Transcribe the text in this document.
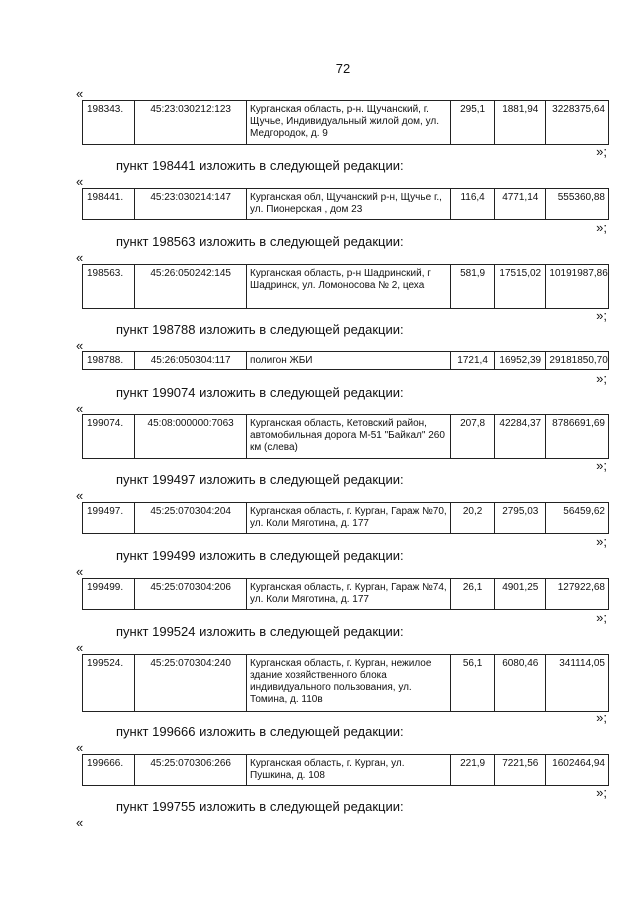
72
«
198343.	45:23:030212:123	Курганская область, р-н. Щучанский, г. Щучье, Индивидуальный жилой дом, ул. Медгородок, д. 9	295,1	1881,94	3228375,64
»;
пункт 198441 изложить в следующей редакции:
«
198441.	45:23:030214:147	Курганская обл, Щучанский р-н, Щучье г., ул. Пионерская , дом 23	116,4	4771,14	555360,88
»;
пункт 198563 изложить в следующей редакции:
«
198563.	45:26:050242:145	Курганская область, р-н Шадринский, г Шадринск, ул. Ломоносова № 2, цеха	581,9	17515,02	10191987,86
»;
пункт 198788 изложить в следующей редакции:
«
198788.	45:26:050304:117	полигон ЖБИ	1721,4	16952,39	29181850,70
»;
пункт 199074 изложить в следующей редакции:
«
199074.	45:08:000000:7063	Курганская область, Кетовский район, автомобильная дорога М-51 "Байкал" 260 км (слева)	207,8	42284,37	8786691,69
»;
пункт 199497 изложить в следующей редакции:
«
199497.	45:25:070304:204	Курганская область, г. Курган, Гараж №70, ул. Коли Мяготина, д. 177	20,2	2795,03	56459,62
»;
пункт 199499 изложить в следующей редакции:
«
199499.	45:25:070304:206	Курганская область, г. Курган, Гараж №74, ул. Коли Мяготина, д. 177	26,1	4901,25	127922,68
»;
пункт 199524 изложить в следующей редакции:
«
199524.	45:25:070304:240	Курганская область, г. Курган, нежилое здание хозяйственного блока индивидуального пользования, ул. Томина, д. 110в	56,1	6080,46	341114,05
»;
пункт 199666 изложить в следующей редакции:
«
199666.	45:25:070306:266	Курганская область, г. Курган, ул. Пушкина, д. 108	221,9	7221,56	1602464,94
»;
пункт 199755 изложить в следующей редакции:
«
